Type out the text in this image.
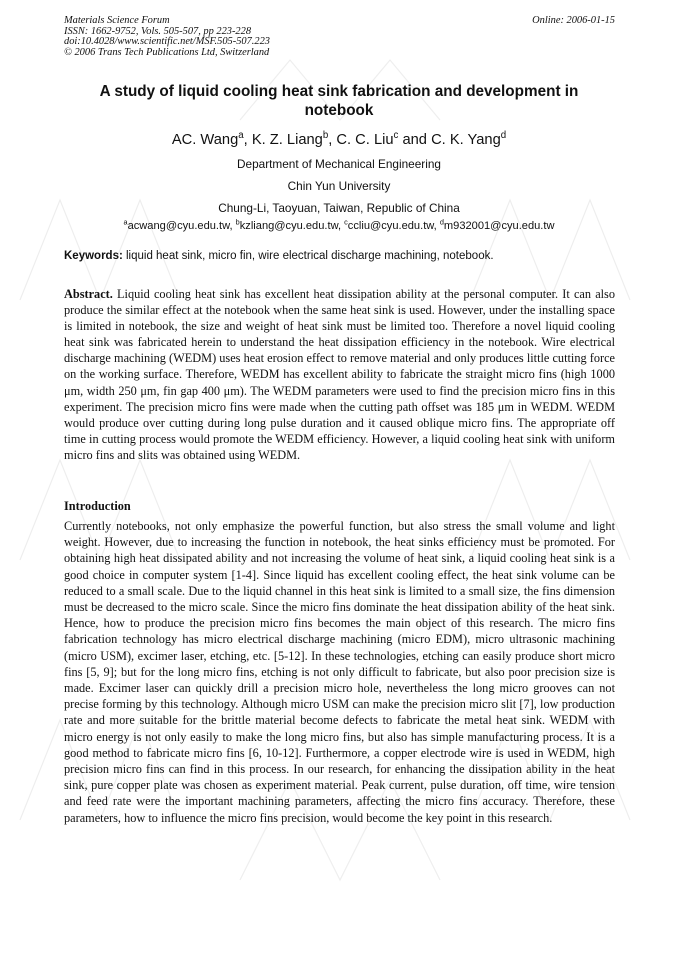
Materials Science Forum
ISSN: 1662-9752, Vols. 505-507, pp 223-228
doi:10.4028/www.scientific.net/MSF.505-507.223
© 2006 Trans Tech Publications Ltd, Switzerland
Online: 2006-01-15
A study of liquid cooling heat sink fabrication and development in notebook
AC. Wang$^a$, K. Z. Liang$^b$, C. C. Liu$^c$ and C. K. Yang$^d$
Department of Mechanical Engineering
Chin Yun University
Chung-Li, Taoyuan, Taiwan, Republic of China
$^a$acwang@cyu.edu.tw, $^b$kzliang@cyu.edu.tw, $^c$ccliu@cyu.edu.tw, $^d$m932001@cyu.edu.tw
Keywords: liquid heat sink, micro fin, wire electrical discharge machining, notebook.

Abstract. Liquid cooling heat sink has excellent heat dissipation ability at the personal computer. It can also produce the similar effect at the notebook when the same heat sink is used. However, under the installing space is limited in notebook, the size and weight of heat sink must be limited too. Therefore a novel liquid cooling heat sink was fabricated herein to understand the heat dissipation efficiency in the notebook. Wire electrical discharge machining (WEDM) uses heat erosion effect to remove material and only produces little cutting force on the working surface. Therefore, WEDM has excellent ability to fabricate the straight micro fins (high 1000 μm, width 250 μm, fin gap 400 μm). The WEDM parameters were used to find the precision micro fins in this experiment. The precision micro fins were made when the cutting path offset was 185 μm in WEDM. WEDM would produce over cutting during long pulse duration and it caused oblique micro fins. The appropriate off time in cutting process would promote the WEDM efficiency. However, a liquid cooling heat sink with uniform micro fins and slits was obtained using WEDM.

Introduction

Currently notebooks, not only emphasize the powerful function, but also stress the small volume and light weight. However, due to increasing the function in notebook, the heat sinks efficiency must be promoted. For obtaining high heat dissipated ability and not increasing the volume of heat sink, a liquid cooling heat sink is a good choice in computer system [1-4]. Since liquid has excellent cooling effect, the heat sink volume can be reduced to a small scale. Due to the liquid channel in this heat sink is limited to a small size, the fins dimension must be decreased to the micro scale. Since the micro fins dominate the heat dissipation ability of the heat sink. Hence, how to produce the precision micro fins becomes the main object of this research. The micro fins fabrication technology has micro electrical discharge machining (micro EDM), micro ultrasonic machining (micro USM), excimer laser, etching, etc. [5-12]. In these technologies, etching can easily produce short micro fins [5, 9]; but for the long micro fins, etching is not only difficult to fabricate, but also poor precision size is made. Excimer laser can quickly drill a precision micro hole, nevertheless the long micro grooves can not precise forming by this technology. Although micro USM can make the precision micro slit [7], low production rate and more suitable for the brittle material become defects to fabricate the metal heat sink. WEDM with micro energy is not only easily to make the long micro fins, but also has simple manufacturing process. It is a good method to fabricate micro fins [6, 10-12]. Furthermore, a copper electrode wire is used in WEDM, high precision micro fins can find in this process. In our research, for enhancing the dissipation ability in the heat sink, pure copper plate was chosen as experiment material. Peak current, pulse duration, off time, wire tension and feed rate were the important machining parameters, affecting the micro fins accuracy. Therefore, these parameters, how to influence the micro fins precision, would become the key point in this research.
